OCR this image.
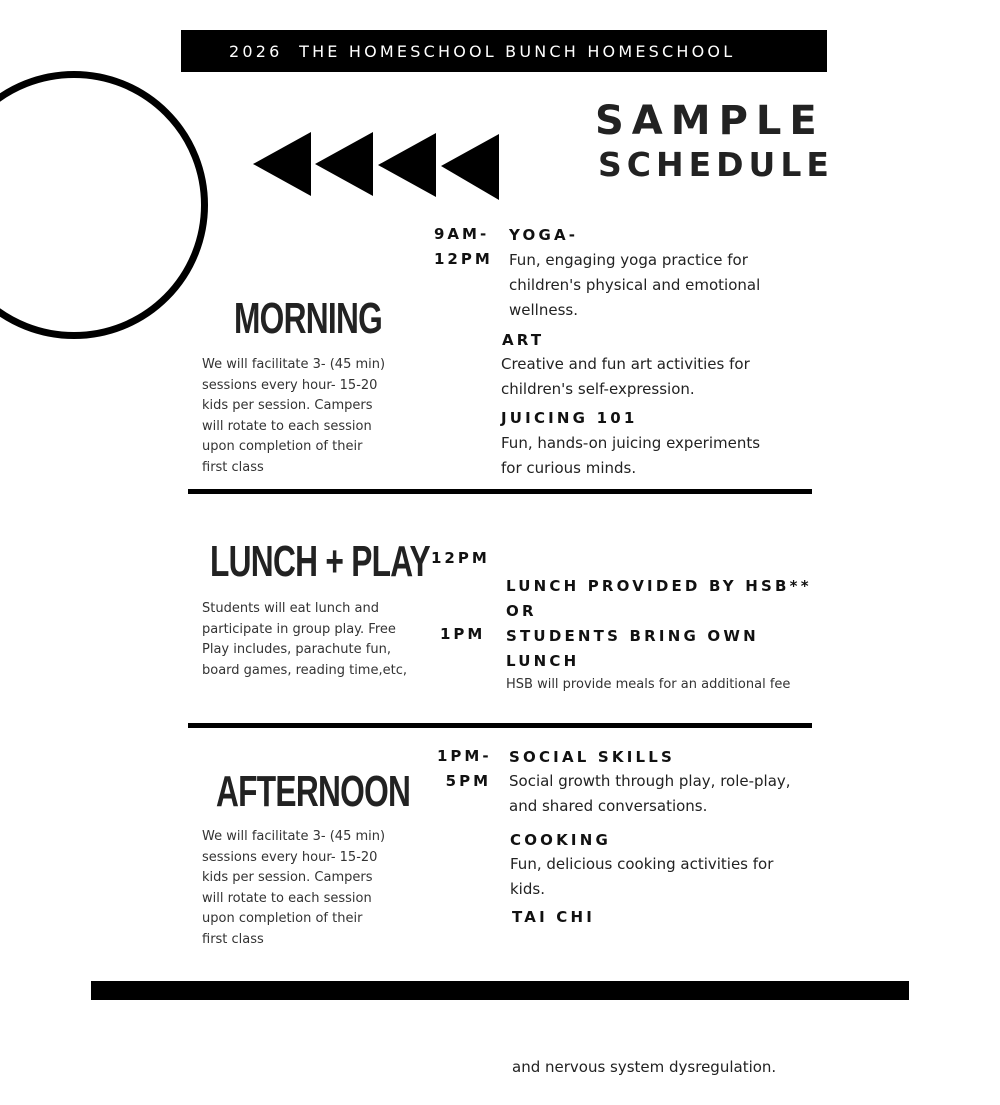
2026  THE HOMESCHOOL BUNCH HOMESCHOOL
SAMPLE
SCHEDULE
MORNING
We will facilitate 3- (45 min)
sessions every hour- 15-20
kids per session. Campers
will rotate to each session
upon completion of their
first class
9AM-
12PM
YOGA-
Fun, engaging yoga practice for
children's physical and emotional
wellness.
ART
Creative and fun art activities for
children's self-expression.
JUICING 101
Fun, hands-on juicing experiments
for curious minds.
LUNCH + PLAY
Students will eat lunch and
participate in group play. Free
Play includes, parachute fun,
board games, reading time,etc,
12PM
1PM
LUNCH PROVIDED BY HSB**
OR
STUDENTS BRING OWN
LUNCH
HSB will provide meals for an additional fee
AFTERNOON
We will facilitate 3- (45 min)
sessions every hour- 15-20
kids per session. Campers
will rotate to each session
upon completion of their
first class
1PM-
5PM
SOCIAL SKILLS
Social growth through play, role-play,
and shared conversations.
COOKING
Fun, delicious cooking activities for
kids.
TAI CHI

and nervous system dysregulation.
